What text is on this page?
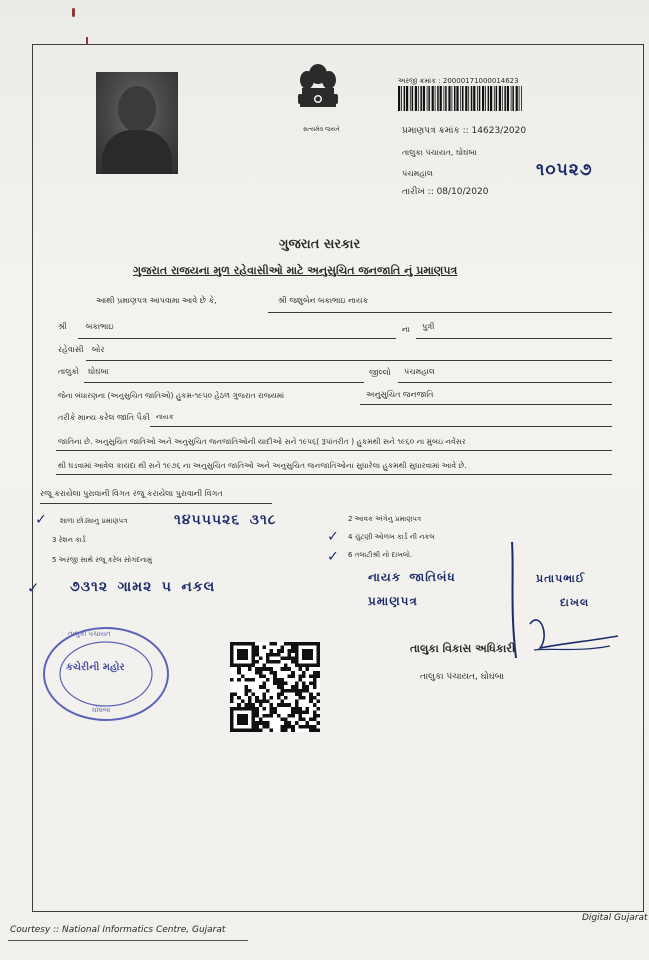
સત્યમેવ જયતે
અરજી ક્રમાંક : 20000171000014623
પ્રમાણપત્ર ક્રમાંક :: 14623/2020
તાલુકા પંચાયત, ઘોઘંબા
પંચમહાલ
તારીખ :: 08/10/2020
૧૦૫૨૭
ગુજરાત સરકાર
ગુજરાત રાજયના મુળ રહેવાસીઓ માટે અનુસુચિત જનજાતિ નું પ્રમાણપત્ર
આથી પ્રમાણપત્ર આપવામા આવે છે કે,	શ્રી જશુબેન બકાભાઇ નાયક
શ્રી બકાભાઇ	ના પુત્રી
રહેવાસી બોર
તાલુકો ઘોઘંબા	જીલ્લો પંચમહાલ
જેના બંધારણના (અનુસુચિત જાતિઓ) હુકમ-૧૯૫૦ હેઠળ ગુજરાત રાજયમાં	અનુસુચિત જનજાતિ
તરીકે માન્ય કરેલ જાતિ પૈકી નાયક
જાતિના છે. અનુસુચિત જાતિઓ અને અનુસુચિત જનજાતિઓની યાદીઓ સને ૧૯૫૬( રૂપાંતરીત ) હુકમથી સને ૧૯૬૦ ના મુંબઇ નવેંસર
થી ઘડવામાં આવેલ કાયદા થી સને ૧૯૭૬ ના અનુસુચિત જાતિઓ અને અનુસુચિત જનજાતિઓના સુધારેલા હુકમથી સુધારવામાં આવે છે.
રજૂ કરાયેલા પુરાવાની વિગત રજૂ કરાયેલા પુરાવાની વિગત
✓ શાળા છોડ્યાનુ પ્રમાણપત્ર	૧૪૫૫૫૨૬ ૩૧૮	2 આવક અંગેનુ પ્રમાણપત્ર
3 રેશન કાર્ડ	✓ 4 ચુંટણી ઓળખ કાર્ડ ની નકલ
5 અરજી સાથે રજૂ કરેલ સોગંદનામું	✓ 6 તલાટીશ્રી નો દાખલો.
✓ ૭૩૧૨ ગામ૨ ૫ નકલ
નાયક જાતિબંધ
પ્રમાણપત્ર
પ્રતાપભાઈ
દાખલ
તાલુકા વિકાસ અધિકારી
તાલુકા પંચાયત, ઘોઘંબા
તાલુકા પંચાયત
કચેરીની મહોર
ઘોઘંબા
Courtesy :: National Informatics Centre, Gujarat
Digital Gujarat
